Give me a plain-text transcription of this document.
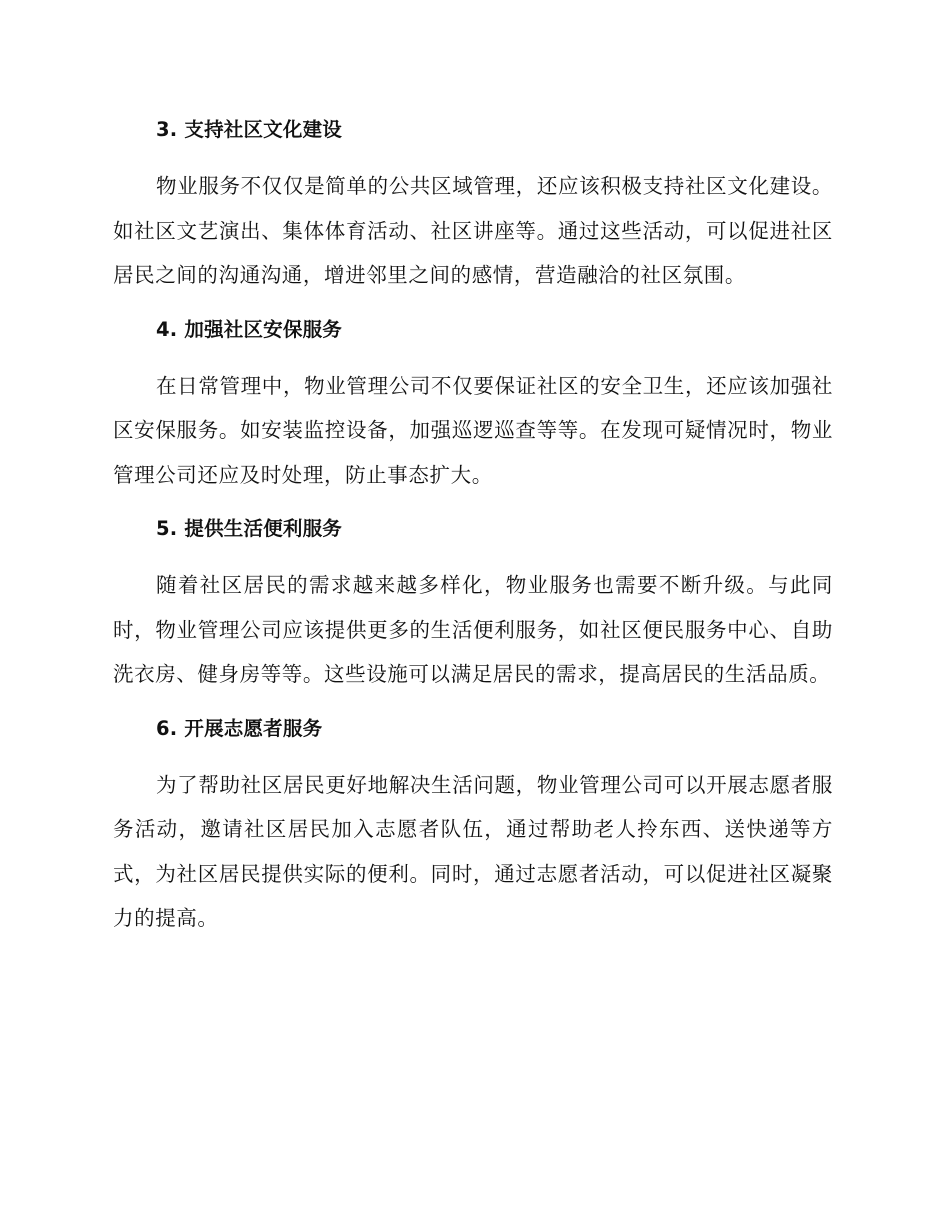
3. 支持社区文化建设

物业服务不仅仅是简单的公共区域管理，还应该积极支持社区文化建设。如社区文艺演出、集体体育活动、社区讲座等。通过这些活动，可以促进社区居民之间的沟通沟通，增进邻里之间的感情，营造融洽的社区氛围。

4. 加强社区安保服务

在日常管理中，物业管理公司不仅要保证社区的安全卫生，还应该加强社区安保服务。如安装监控设备，加强巡逻巡查等等。在发现可疑情况时，物业管理公司还应及时处理，防止事态扩大。

5. 提供生活便利服务

随着社区居民的需求越来越多样化，物业服务也需要不断升级。与此同时，物业管理公司应该提供更多的生活便利服务，如社区便民服务中心、自助洗衣房、健身房等等。这些设施可以满足居民的需求，提高居民的生活品质。

6. 开展志愿者服务

为了帮助社区居民更好地解决生活问题，物业管理公司可以开展志愿者服务活动，邀请社区居民加入志愿者队伍，通过帮助老人拎东西、送快递等方式，为社区居民提供实际的便利。同时，通过志愿者活动，可以促进社区凝聚力的提高。
